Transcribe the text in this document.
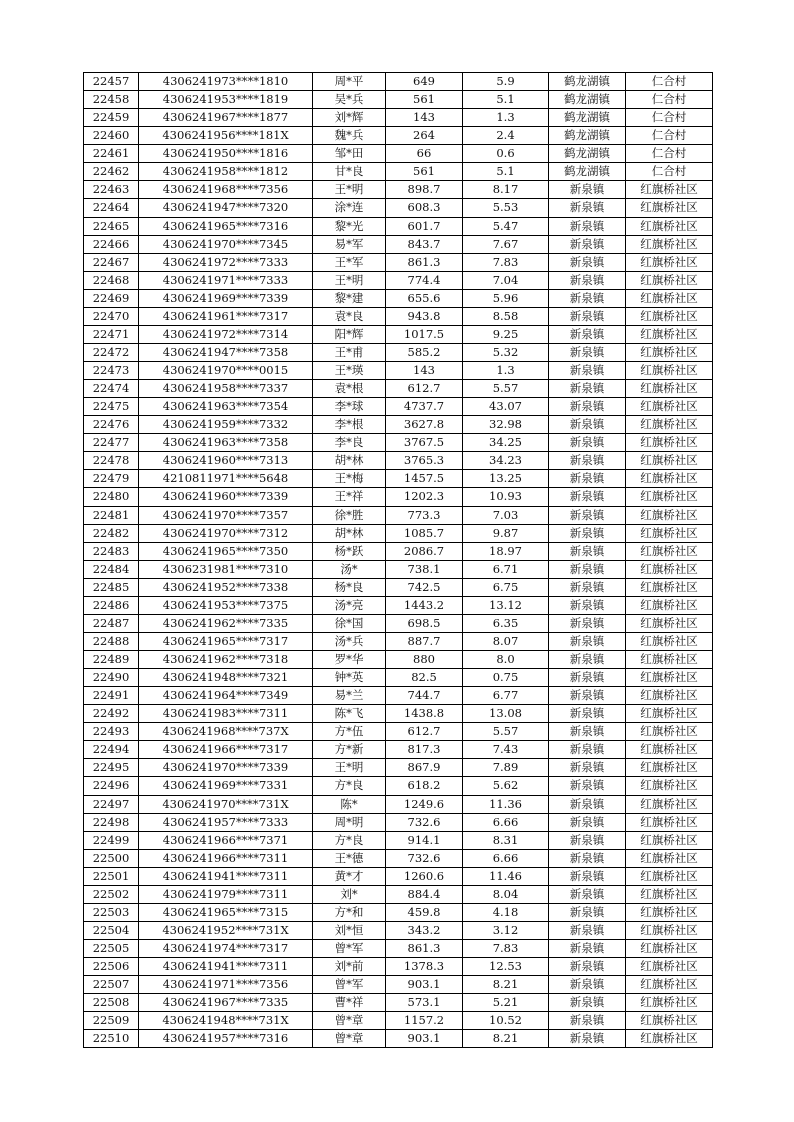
22457	4306241973****1810	周*平	649	5.9	鹤龙湖镇	仁合村
22458	4306241953****1819	吴*兵	561	5.1	鹤龙湖镇	仁合村
22459	4306241967****1877	刘*辉	143	1.3	鹤龙湖镇	仁合村
22460	4306241956****181X	魏*兵	264	2.4	鹤龙湖镇	仁合村
22461	4306241950****1816	邹*田	66	0.6	鹤龙湖镇	仁合村
22462	4306241958****1812	甘*良	561	5.1	鹤龙湖镇	仁合村
22463	4306241968****7356	王*明	898.7	8.17	新泉镇	红旗桥社区
22464	4306241947****7320	涂*连	608.3	5.53	新泉镇	红旗桥社区
22465	4306241965****7316	黎*光	601.7	5.47	新泉镇	红旗桥社区
22466	4306241970****7345	易*军	843.7	7.67	新泉镇	红旗桥社区
22467	4306241972****7333	王*军	861.3	7.83	新泉镇	红旗桥社区
22468	4306241971****7333	王*明	774.4	7.04	新泉镇	红旗桥社区
22469	4306241969****7339	黎*建	655.6	5.96	新泉镇	红旗桥社区
22470	4306241961****7317	袁*良	943.8	8.58	新泉镇	红旗桥社区
22471	4306241972****7314	阳*辉	1017.5	9.25	新泉镇	红旗桥社区
22472	4306241947****7358	王*甫	585.2	5.32	新泉镇	红旗桥社区
22473	4306241970****0015	王*瑛	143	1.3	新泉镇	红旗桥社区
22474	4306241958****7337	袁*根	612.7	5.57	新泉镇	红旗桥社区
22475	4306241963****7354	李*球	4737.7	43.07	新泉镇	红旗桥社区
22476	4306241959****7332	李*根	3627.8	32.98	新泉镇	红旗桥社区
22477	4306241963****7358	李*良	3767.5	34.25	新泉镇	红旗桥社区
22478	4306241960****7313	胡*林	3765.3	34.23	新泉镇	红旗桥社区
22479	4210811971****5648	王*梅	1457.5	13.25	新泉镇	红旗桥社区
22480	4306241960****7339	王*祥	1202.3	10.93	新泉镇	红旗桥社区
22481	4306241970****7357	徐*胜	773.3	7.03	新泉镇	红旗桥社区
22482	4306241970****7312	胡*林	1085.7	9.87	新泉镇	红旗桥社区
22483	4306241965****7350	杨*跃	2086.7	18.97	新泉镇	红旗桥社区
22484	4306231981****7310	汤*	738.1	6.71	新泉镇	红旗桥社区
22485	4306241952****7338	杨*良	742.5	6.75	新泉镇	红旗桥社区
22486	4306241953****7375	汤*亮	1443.2	13.12	新泉镇	红旗桥社区
22487	4306241962****7335	徐*国	698.5	6.35	新泉镇	红旗桥社区
22488	4306241965****7317	汤*兵	887.7	8.07	新泉镇	红旗桥社区
22489	4306241962****7318	罗*华	880	8.0	新泉镇	红旗桥社区
22490	4306241948****7321	钟*英	82.5	0.75	新泉镇	红旗桥社区
22491	4306241964****7349	易*兰	744.7	6.77	新泉镇	红旗桥社区
22492	4306241983****7311	陈*飞	1438.8	13.08	新泉镇	红旗桥社区
22493	4306241968****737X	方*伍	612.7	5.57	新泉镇	红旗桥社区
22494	4306241966****7317	方*新	817.3	7.43	新泉镇	红旗桥社区
22495	4306241970****7339	王*明	867.9	7.89	新泉镇	红旗桥社区
22496	4306241969****7331	方*良	618.2	5.62	新泉镇	红旗桥社区
22497	4306241970****731X	陈*	1249.6	11.36	新泉镇	红旗桥社区
22498	4306241957****7333	周*明	732.6	6.66	新泉镇	红旗桥社区
22499	4306241966****7371	方*良	914.1	8.31	新泉镇	红旗桥社区
22500	4306241966****7311	王*德	732.6	6.66	新泉镇	红旗桥社区
22501	4306241941****7311	黄*才	1260.6	11.46	新泉镇	红旗桥社区
22502	4306241979****7311	刘*	884.4	8.04	新泉镇	红旗桥社区
22503	4306241965****7315	方*和	459.8	4.18	新泉镇	红旗桥社区
22504	4306241952****731X	刘*恒	343.2	3.12	新泉镇	红旗桥社区
22505	4306241974****7317	曾*军	861.3	7.83	新泉镇	红旗桥社区
22506	4306241941****7311	刘*前	1378.3	12.53	新泉镇	红旗桥社区
22507	4306241971****7356	曾*军	903.1	8.21	新泉镇	红旗桥社区
22508	4306241967****7335	曹*祥	573.1	5.21	新泉镇	红旗桥社区
22509	4306241948****731X	曾*章	1157.2	10.52	新泉镇	红旗桥社区
22510	4306241957****7316	曾*章	903.1	8.21	新泉镇	红旗桥社区
